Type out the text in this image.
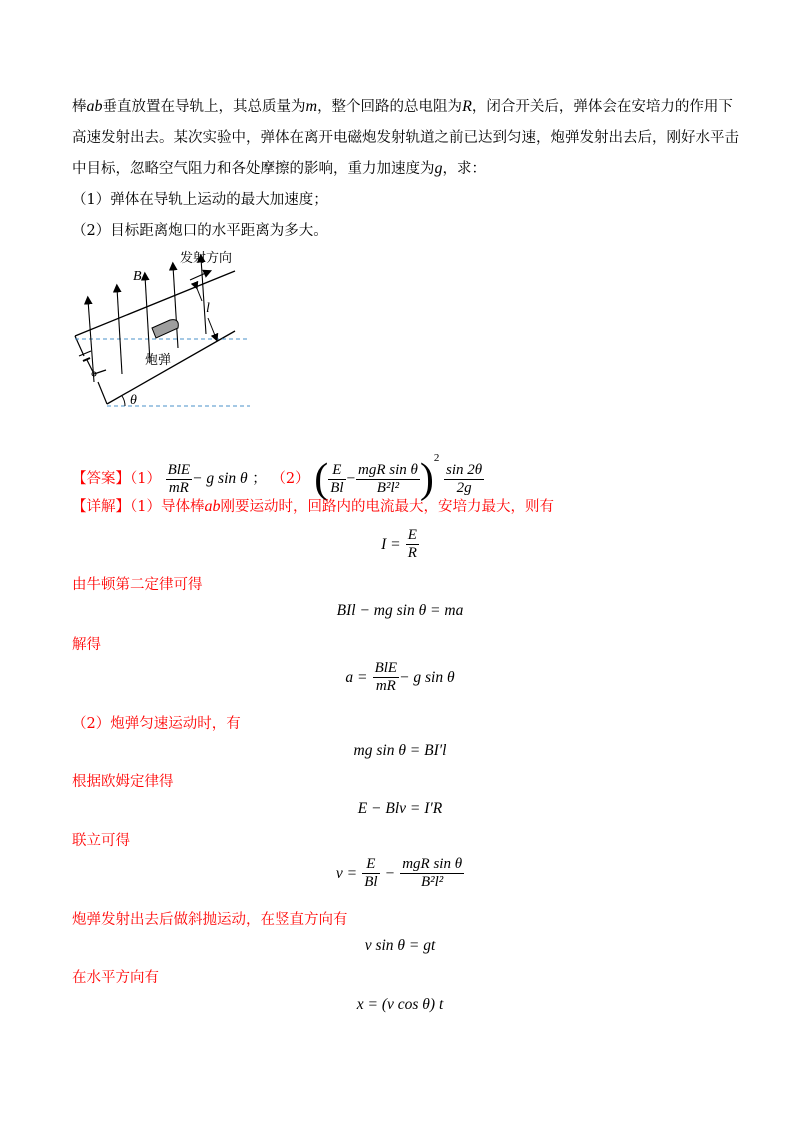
棒ab垂直放置在导轨上，其总质量为m，整个回路的总电阻为R，闭合开关后，弹体会在安培力的作用下
高速发射出去。某次实验中，弹体在离开电磁炮发射轨道之前已达到匀速，炮弹发射出去后，刚好水平击
中目标，忽略空气阻力和各处摩擦的影响，重力加速度为g，求：
（1）弹体在导轨上运动的最大加速度；
（2）目标距离炮口的水平距离为多大。
B
发射方向
l
炮弹
θ
【答案】$(1) \frac{\text{BlE}}{mR} - g$ sin θ ； （2） ( $\frac{E}{Bl} - \frac{\text{mgR sin θ}}{\text{B²l²}} )^2$
$\frac{\sin 2\theta}{2g}$
【详解】（1）导体棒ab刚要运动时，回路内的电流最大，安培力最大，则有
$I = \frac{E}{R}$
由牛顿第二定律可得
BIl − mg sin θ = ma
解得
$a = \frac{\text{BlE}}{mR} - g$ sin θ
（2）炮弹匀速运动时，有
mg sin θ = BI′l
根据欧姆定律得
E − Blv = I′R
联立可得
$v = \frac{E}{Bl} - \frac{\text{mgR sin θ}}{\text{B²l²}}$
炮弹发射出去后做斜抛运动，在竖直方向有
v sin θ = gt
在水平方向有
x = (v cos θ) t
